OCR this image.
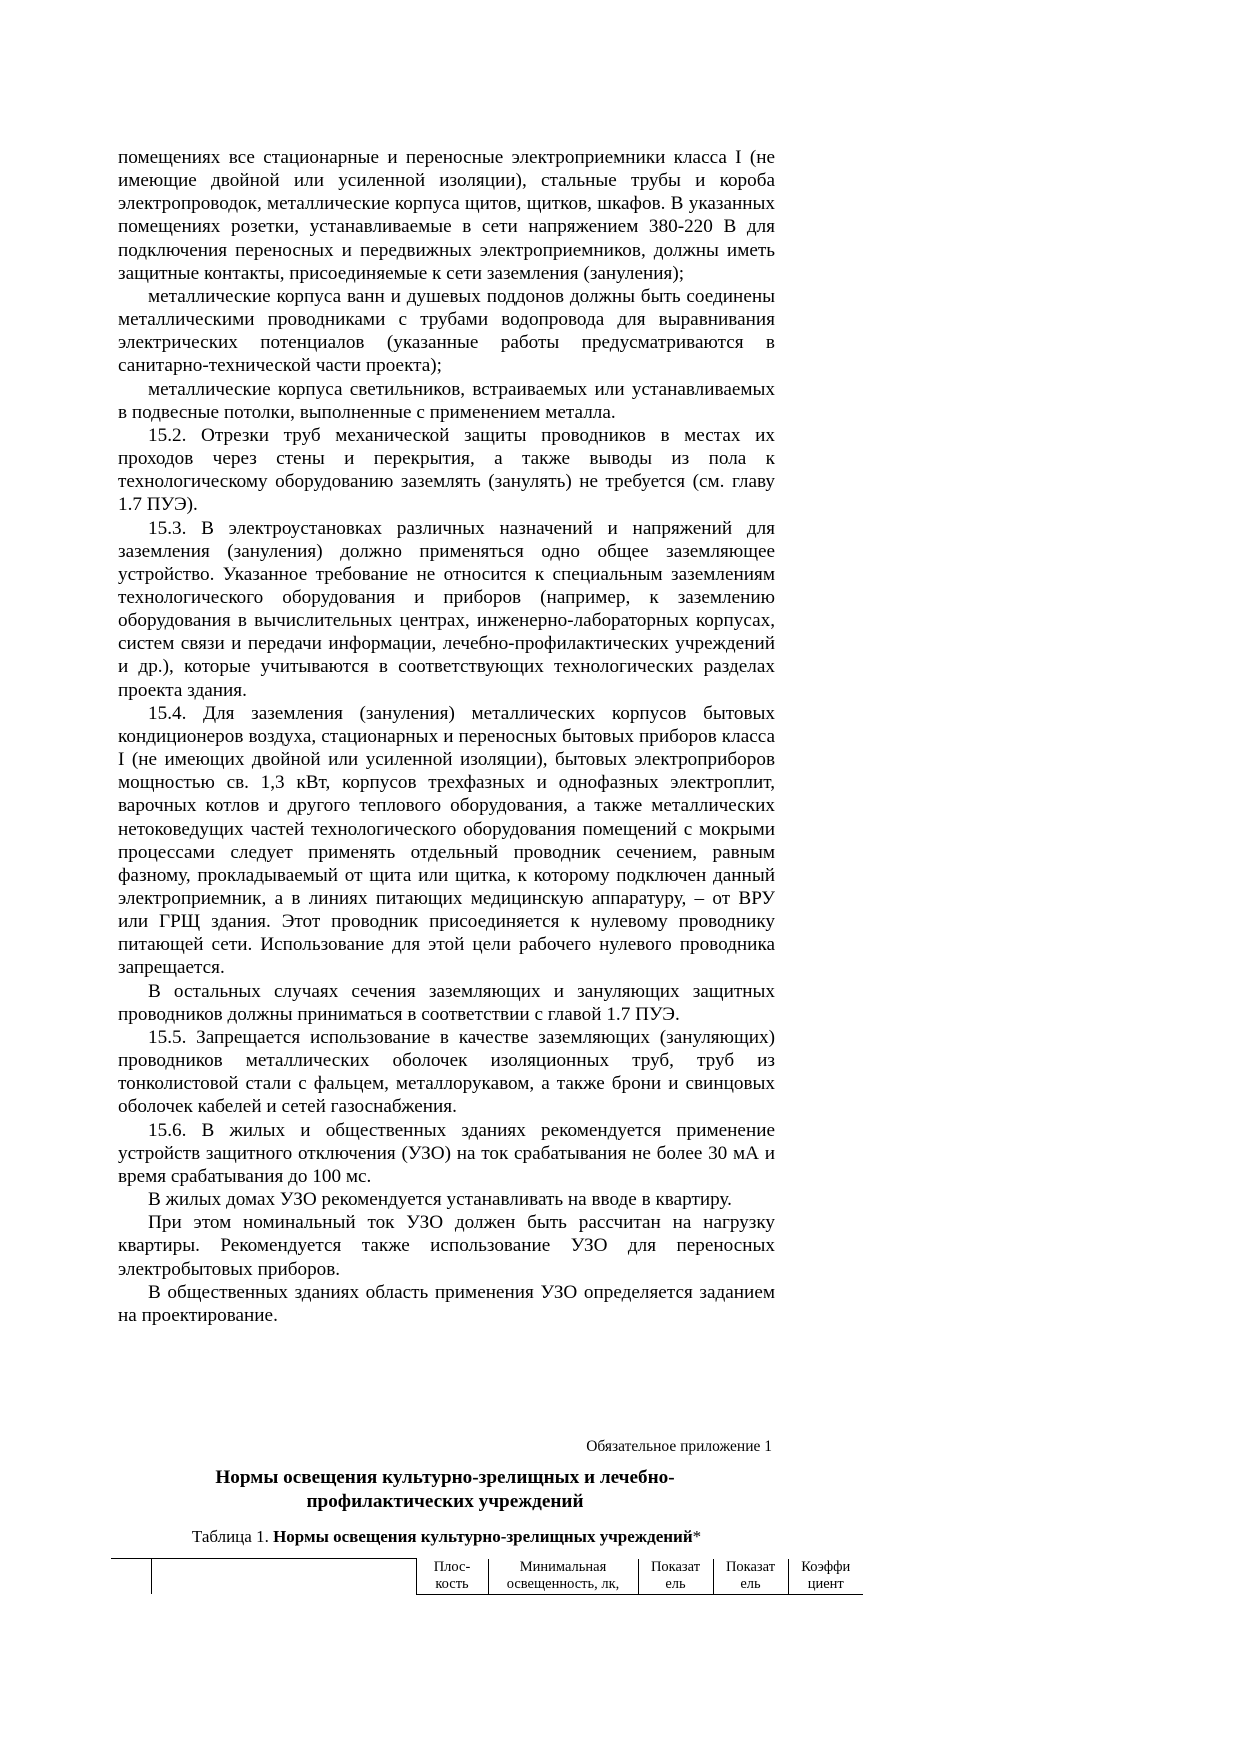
помещениях все стационарные и переносные электроприемники класса I (не имеющие двойной или усиленной изоляции), стальные трубы и короба электропроводок, металлические корпуса щитов, щитков, шкафов. В указанных помещениях розетки, устанавливаемые в сети напряжением 380-220 В для подключения переносных и передвижных электроприемников, должны иметь защитные контакты, присоединяемые к сети заземления (зануления);

металлические корпуса ванн и душевых поддонов должны быть соединены металлическими проводниками с трубами водопровода для выравнивания электрических потенциалов (указанные работы предусматриваются в санитарно-технической части проекта);

металлические корпуса светильников, встраиваемых или устанавливаемых в подвесные потолки, выполненные с применением металла.

15.2. Отрезки труб механической защиты проводников в местах их проходов через стены и перекрытия, а также выводы из пола к технологическому оборудованию заземлять (занулять) не требуется (см. главу 1.7 ПУЭ).

15.3. В электроустановках различных назначений и напряжений для заземления (зануления) должно применяться одно общее заземляющее устройство. Указанное требование не относится к специальным заземлениям технологического оборудования и приборов (например, к заземлению оборудования в вычислительных центрах, инженерно-лабораторных корпусах, систем связи и передачи информации, лечебно-профилактических учреждений и др.), которые учитываются в соответствующих технологических разделах проекта здания.

15.4. Для заземления (зануления) металлических корпусов бытовых кондиционеров воздуха, стационарных и переносных бытовых приборов класса I (не имеющих двойной или усиленной изоляции), бытовых электроприборов мощностью св. 1,3 кВт, корпусов трехфазных и однофазных электроплит, варочных котлов и другого теплового оборудования, а также металлических нетоковедущих частей технологического оборудования помещений с мокрыми процессами следует применять отдельный проводник сечением, равным фазному, прокладываемый от щита или щитка, к которому подключен данный электроприемник, а в линиях питающих медицинскую аппаратуру, – от ВРУ или ГРЩ здания. Этот проводник присоединяется к нулевому проводнику питающей сети. Использование для этой цели рабочего нулевого проводника запрещается.

В остальных случаях сечения заземляющих и зануляющих защитных проводников должны приниматься в соответствии с главой 1.7 ПУЭ.

15.5. Запрещается использование в качестве заземляющих (зануляющих) проводников металлических оболочек изоляционных труб, труб из тонколистовой стали с фальцем, металлорукавом, а также брони и свинцовых оболочек кабелей и сетей газоснабжения.

15.6. В жилых и общественных зданиях рекомендуется применение устройств защитного отключения (УЗО) на ток срабатывания не более 30 мА и время срабатывания до 100 мс.

В жилых домах УЗО рекомендуется устанавливать на вводе в квартиру.

При этом номинальный ток УЗО должен быть рассчитан на нагрузку квартиры. Рекомендуется также использование УЗО для переносных электробытовых приборов.

В общественных зданиях область применения УЗО определяется заданием на проектирование.

Обязательное приложение 1
Нормы освещения культурно-зрелищных и лечебно-профилактических учреждений
Таблица 1. Нормы освещения культурно-зрелищных учреждений*
		Плос-кость	Минимальная освещенность, лк,	Показат ель	Показат ель	Коэффи циент
